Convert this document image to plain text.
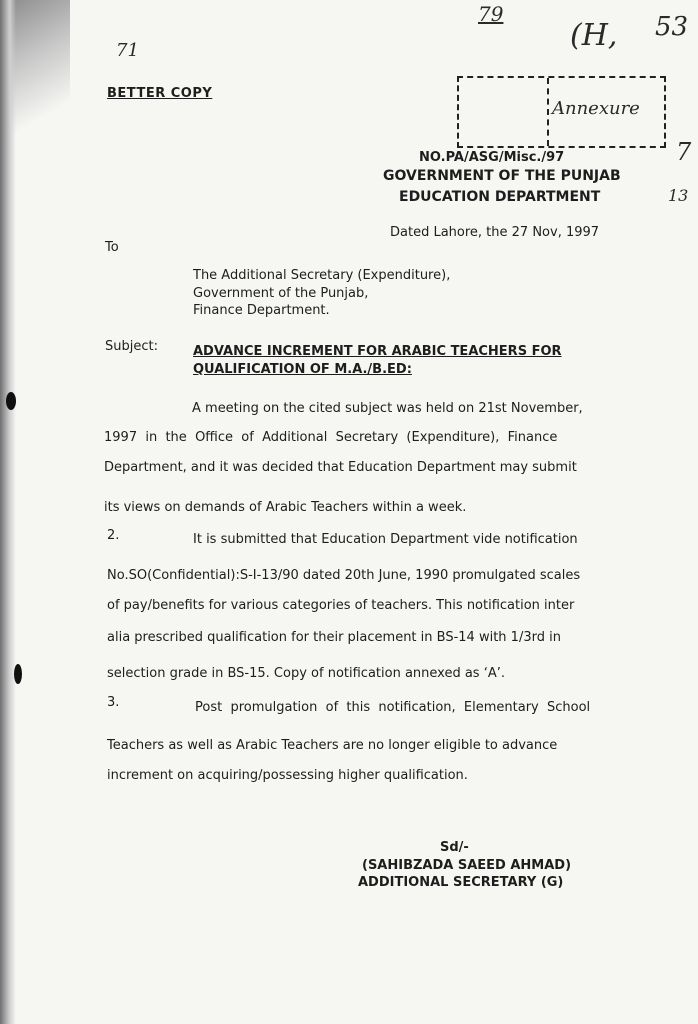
71
79
(H, 53
7
13
Annexure
BETTER COPY
NO.PA/ASG/Misc./97
GOVERNMENT OF THE PUNJAB
EDUCATION DEPARTMENT
Dated Lahore, the 27 Nov, 1997
To
The Additional Secretary (Expenditure),
Government of the Punjab,
Finance Department.
Subject:	ADVANCE INCREMENT FOR ARABIC TEACHERS FOR
QUALIFICATION OF M.A./B.ED:
A meeting on the cited subject was held on 21st November,
1997  in  the  Office  of  Additional  Secretary  (Expenditure),  Finance
Department, and it was decided that Education Department may submit
its views on demands of Arabic Teachers within a week.
2.	It is submitted that Education Department vide notification
No.SO(Confidential):S-I-13/90 dated 20th June, 1990 promulgated scales
of pay/benefits for various categories of teachers. This notification inter
alia prescribed qualification for their placement in BS-14 with 1/3rd in
selection grade in BS-15. Copy of notification annexed as ‘A’.
3.	Post  promulgation  of  this  notification,  Elementary  School
Teachers as well as Arabic Teachers are no longer eligible to advance
increment on acquiring/possessing higher qualification.
Sd/-
(SAHIBZADA SAEED AHMAD)
ADDITIONAL SECRETARY (G)
